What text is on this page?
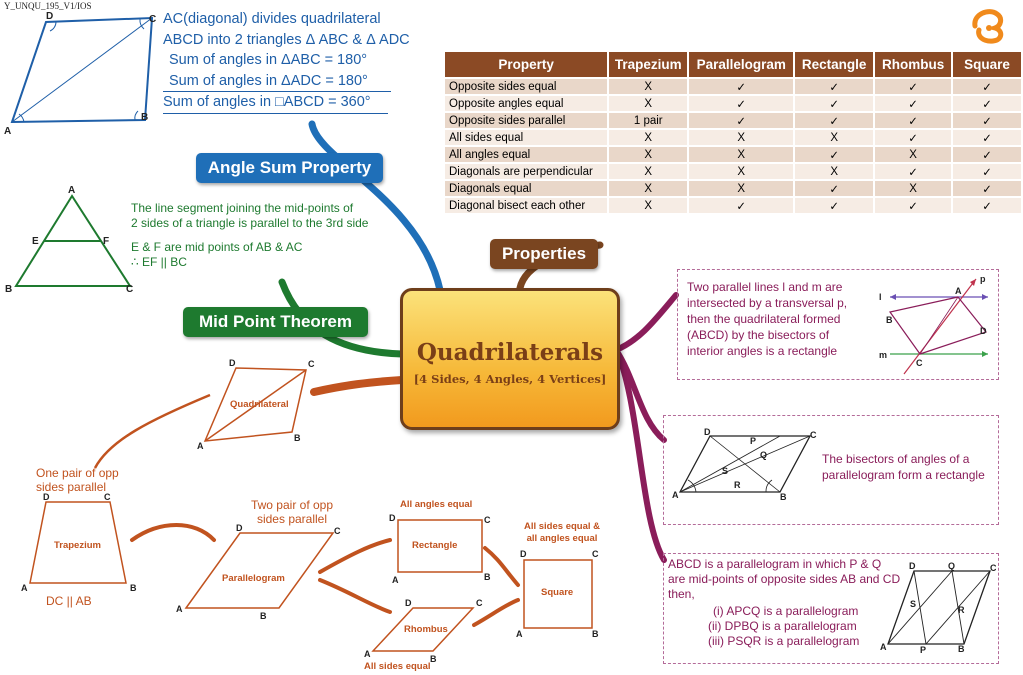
Y_UNQU_195_V1/IOS
A
B
C
D	AC(diagonal) divides quadrilateral
ABCD into 2 triangles Δ ABC & Δ ADC
Sum of angles in ΔABC = 180°
Sum of angles in ΔADC = 180°
Sum of angles in □ABCD = 360°
Angle Sum Property
A
B	C
E	F
The line segment joining the mid-points of
2 sides of a triangle is parallel to the 3rd side
E & F are mid points of AB & AC
∴ EF || BC
Mid Point Theorem
Quadrilaterals
[4 Sides, 4 Angles, 4 Vertices]
Property	Trapezium	Parallelogram	Rectangle	Rhombus	Square
Opposite sides equal	X	✓	✓	✓	✓
Opposite angles equal	X	✓	✓	✓	✓
Opposite sides parallel	1 pair	✓	✓	✓	✓
All sides equal	X	X	X	✓	✓
All angles equal	X	X	✓	X	✓
Diagonals are perpendicular	X	X	X	✓	✓
Diagonals equal	X	X	✓	X	✓
Diagonal bisect each other	X	✓	✓	✓	✓
Properties
A
B
C
D
A	B
C
D
A
B
C
D
A	B
C
D
A	B
C
D
A	B
C
D
Quadrilateral
One pair of opp sides parallel
Trapezium
DC || AB
Two pair of opp sides parallel
Parallelogram
All angles equal
Rectangle
Rhombus
All sides equal
All sides equal & all angles equal
Square
Two parallel lines l and m are
intersected by a transversal p,
then the quadrilateral formed
(ABCD) by the bisectors of
interior angles is a rectangle
p
l
m
A
B
C
D
A	B
C
D
P
Q
R
S
The bisectors of angles of a
parallelogram form a rectangle
ABCD is a parallelogram in which P & Q
are mid-points of opposite sides AB and CD
then,
(i) APCQ is a parallelogram
(ii) DPBQ is a parallelogram
(iii) PSQR is a parallelogram	A	B
C
D
P
Q
R
S
